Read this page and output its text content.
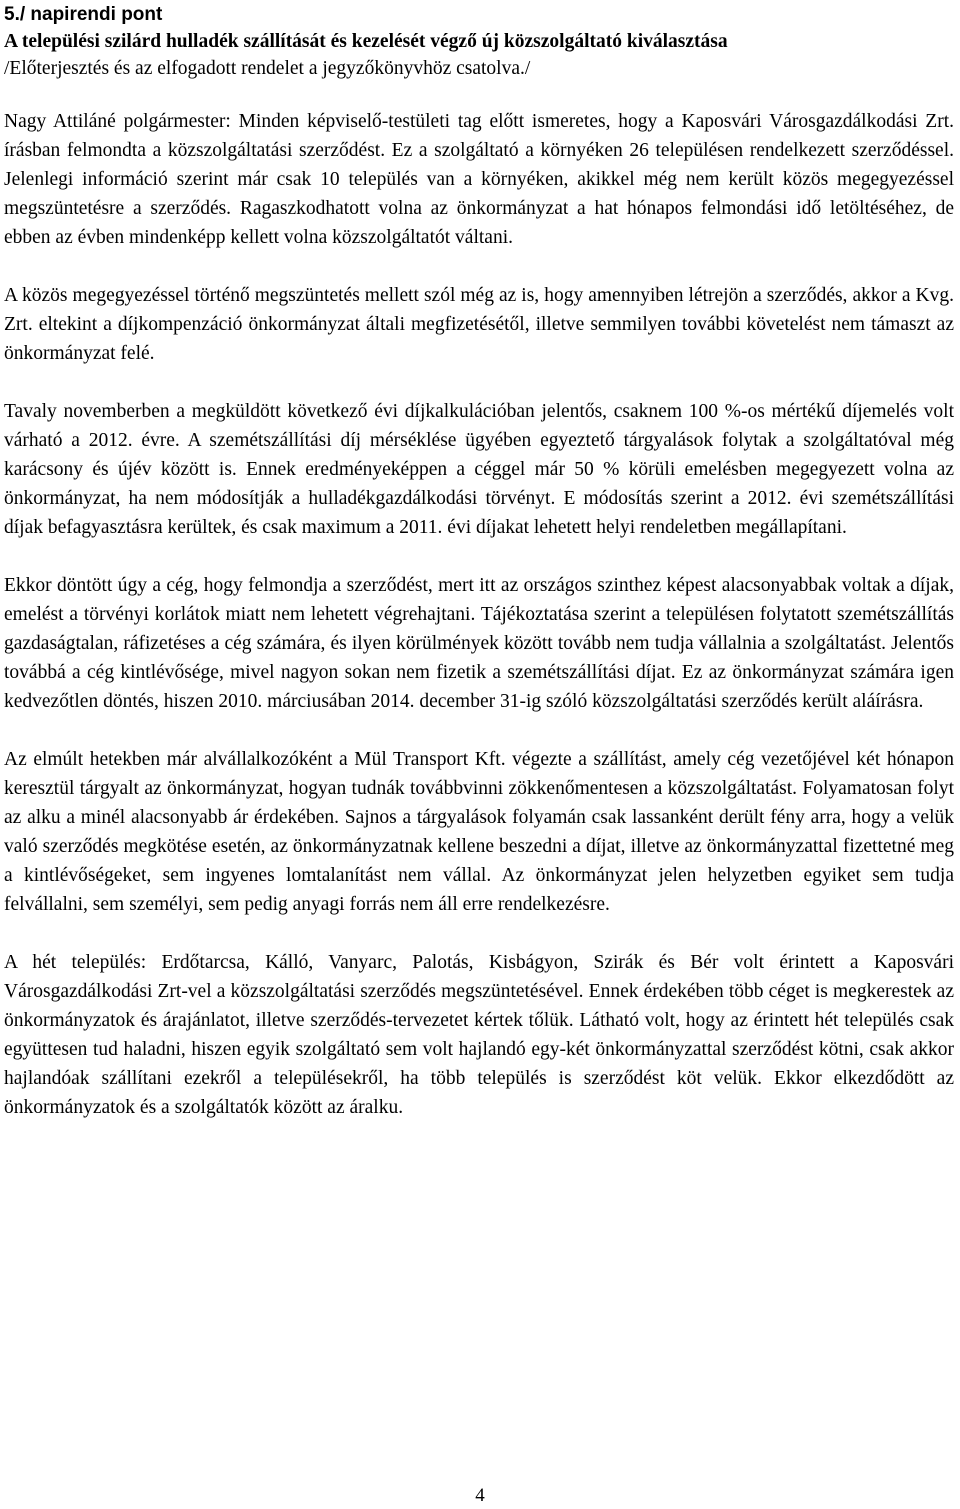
5./ napirendi pont

A települési szilárd hulladék szállítását és kezelését végző új közszolgáltató kiválasztása

/Előterjesztés és az elfogadott rendelet a jegyzőkönyvhöz csatolva./

Nagy Attiláné polgármester: Minden képviselő-testületi tag előtt ismeretes, hogy a Kaposvári Városgazdálkodási Zrt. írásban felmondta a közszolgáltatási szerződést. Ez a szolgáltató a környéken 26 településen rendelkezett szerződéssel. Jelenlegi információ szerint már csak 10 település van a környéken, akikkel még nem került közös megegyezéssel megszüntetésre a szerződés. Ragaszkodhatott volna az önkormányzat a hat hónapos felmondási idő letöltéséhez, de ebben az évben mindenképp kellett volna közszolgáltatót váltani.

A közös megegyezéssel történő megszüntetés mellett szól még az is, hogy amennyiben létrejön a szerződés, akkor a Kvg. Zrt. eltekint a díjkompenzáció önkormányzat általi megfizetésétől, illetve semmilyen további követelést nem támaszt az önkormányzat felé.

Tavaly novemberben a megküldött következő évi díjkalkulációban jelentős, csaknem 100 %-os mértékű díjemelés volt várható a 2012. évre. A szemétszállítási díj mérséklése ügyében egyeztető tárgyalások folytak a szolgáltatóval még karácsony és újév között is. Ennek eredményeképpen a céggel már 50 % körüli emelésben megegyezett volna az önkormányzat, ha nem módosítják a hulladékgazdálkodási törvényt. E módosítás szerint a 2012. évi szemétszállítási díjak befagyasztásra kerültek, és csak maximum a 2011. évi díjakat lehetett helyi rendeletben megállapítani.

Ekkor döntött úgy a cég, hogy felmondja a szerződést, mert itt az országos szinthez képest alacsonyabbak voltak a díjak, emelést a törvényi korlátok miatt nem lehetett végrehajtani. Tájékoztatása szerint a településen folytatott szemétszállítás gazdaságtalan, ráfizetéses a cég számára, és ilyen körülmények között tovább nem tudja vállalnia a szolgáltatást. Jelentős továbbá a cég kintlévősége, mivel nagyon sokan nem fizetik a szemétszállítási díjat. Ez az önkormányzat számára igen kedvezőtlen döntés, hiszen 2010. márciusában 2014. december 31-ig szóló közszolgáltatási szerződés került aláírásra.

Az elmúlt hetekben már alvállalkozóként a Mül Transport Kft. végezte a szállítást, amely cég vezetőjével két hónapon keresztül tárgyalt az önkormányzat, hogyan tudnák továbbvinni zökkenőmentesen a közszolgáltatást. Folyamatosan folyt az alku a minél alacsonyabb ár érdekében. Sajnos a tárgyalások folyamán csak lassanként derült fény arra, hogy a velük való szerződés megkötése esetén, az önkormányzatnak kellene beszedni a díjat, illetve az önkormányzattal fizettetné meg a kintlévőségeket, sem ingyenes lomtalanítást nem vállal. Az önkormányzat jelen helyzetben egyiket sem tudja felvállalni, sem személyi, sem pedig anyagi forrás nem áll erre rendelkezésre.

A hét település: Erdőtarcsa, Kálló, Vanyarc, Palotás, Kisbágyon, Szirák és Bér volt érintett a Kaposvári Városgazdálkodási Zrt-vel a közszolgáltatási szerződés megszüntetésével. Ennek érdekében több céget is megkerestek az önkormányzatok és árajánlatot, illetve szerződés-tervezetet kértek tőlük. Látható volt, hogy az érintett hét település csak együttesen tud haladni, hiszen egyik szolgáltató sem volt hajlandó egy-két önkormányzattal szerződést kötni, csak akkor hajlandóak szállítani ezekről a településekről, ha több település is szerződést köt velük. Ekkor elkezdődött az önkormányzatok és a szolgáltatók között az áralku.

4
